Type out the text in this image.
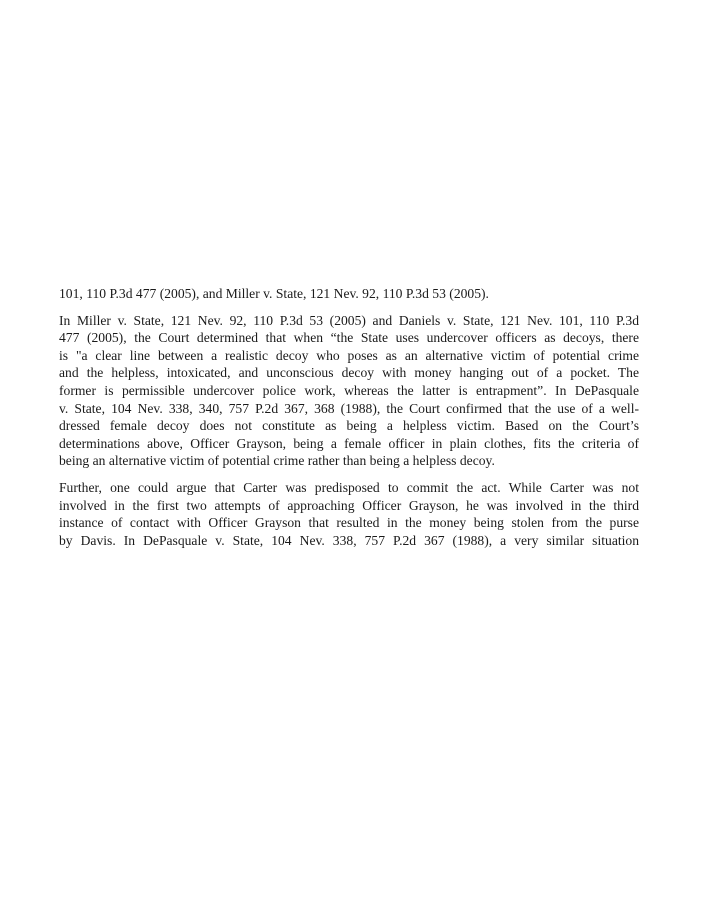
101, 110 P.3d 477 (2005), and Miller v. State, 121 Nev. 92, 110 P.3d 53 (2005).

In Miller v. State, 121 Nev. 92, 110 P.3d 53 (2005) and Daniels v. State, 121 Nev. 101, 110 P.3d
477 (2005), the Court determined that when “the State uses undercover officers as decoys, there
is "a clear line between a realistic decoy who poses as an alternative victim of potential crime
and the helpless, intoxicated, and unconscious decoy with money hanging out of a pocket. The
former is permissible undercover police work, whereas the latter is entrapment”. In DePasquale
v. State, 104 Nev. 338, 340, 757 P.2d 367, 368 (1988), the Court confirmed that the use of a well-
dressed female decoy does not constitute as being a helpless victim. Based on the Court’s
determinations above, Officer Grayson, being a female officer in plain clothes, fits the criteria of
being an alternative victim of potential crime rather than being a helpless decoy.

Further, one could argue that Carter was predisposed to commit the act. While Carter was not
involved in the first two attempts of approaching Officer Grayson, he was involved in the third
instance of contact with Officer Grayson that resulted in the money being stolen from the purse
by Davis. In DePasquale v. State, 104 Nev. 338, 757 P.2d 367 (1988), a very similar situation
